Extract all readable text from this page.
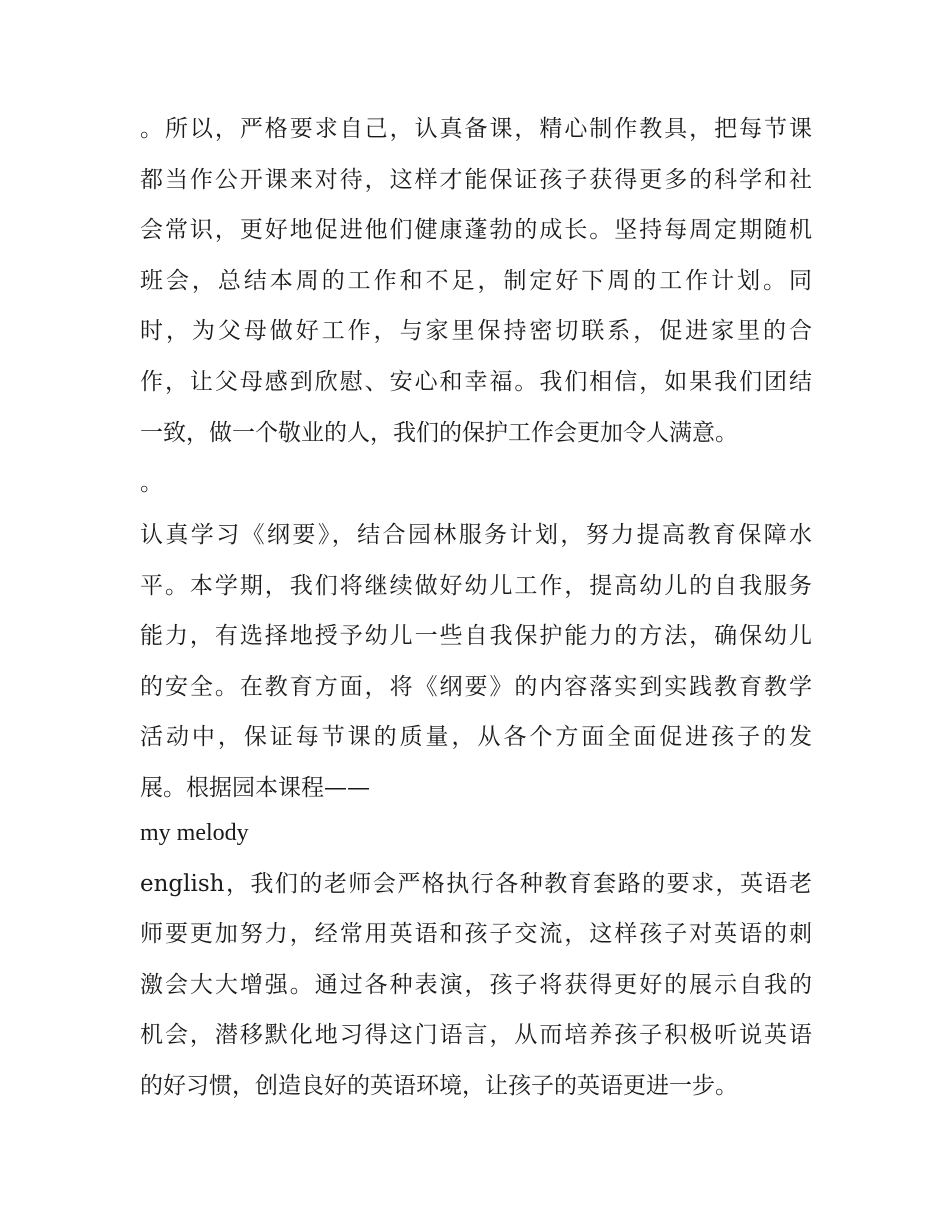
。所以，严格要求自己，认真备课，精心制作教具，把每节课
都当作公开课来对待，这样才能保证孩子获得更多的科学和社
会常识，更好地促进他们健康蓬勃的成长。坚持每周定期随机
班会，总结本周的工作和不足，制定好下周的工作计划。同
时，为父母做好工作，与家里保持密切联系，促进家里的合
作，让父母感到欣慰、安心和幸福。我们相信，如果我们团结
一致，做一个敬业的人，我们的保护工作会更加令人满意。
。
认真学习《纲要》，结合园林服务计划，努力提高教育保障水
平。本学期，我们将继续做好幼儿工作，提高幼儿的自我服务
能力，有选择地授予幼儿一些自我保护能力的方法，确保幼儿
的安全。在教育方面，将《纲要》的内容落实到实践教育教学
活动中，保证每节课的质量，从各个方面全面促进孩子的发
展。根据园本课程——
my melody
english，我们的老师会严格执行各种教育套路的要求，英语老
师要更加努力，经常用英语和孩子交流，这样孩子对英语的刺
激会大大增强。通过各种表演，孩子将获得更好的展示自我的
机会，潜移默化地习得这门语言，从而培养孩子积极听说英语
的好习惯，创造良好的英语环境，让孩子的英语更进一步。
